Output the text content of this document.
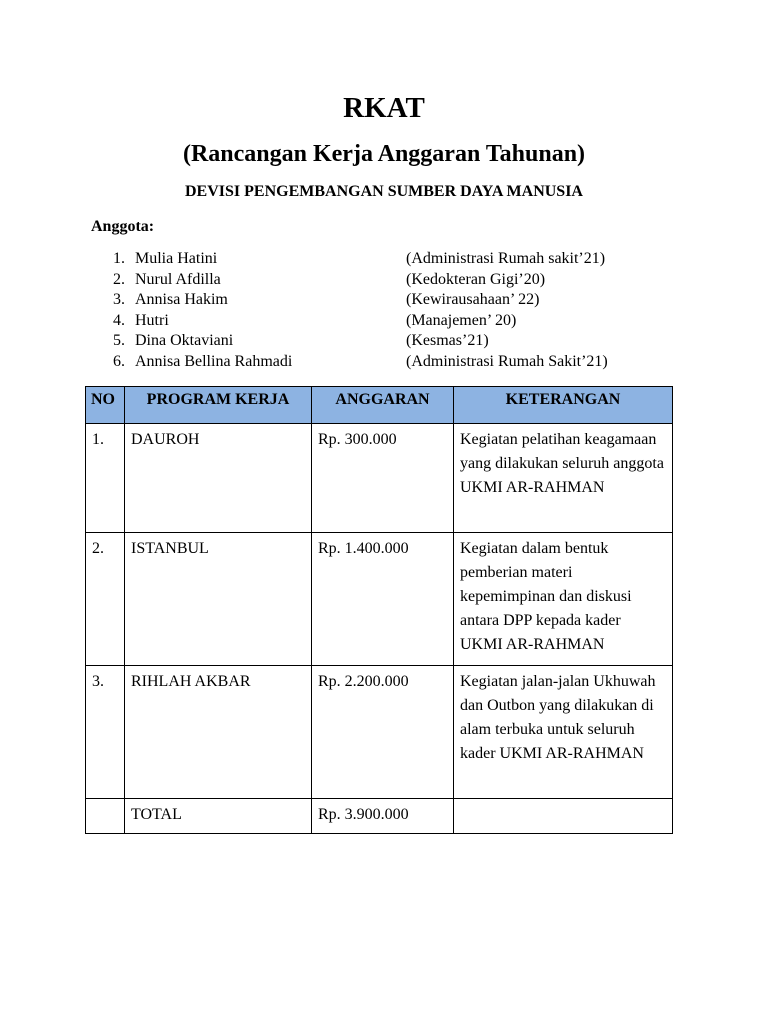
RKAT
(Rancangan Kerja Anggaran Tahunan)
DEVISI PENGEMBANGAN SUMBER DAYA MANUSIA
Anggota:
1. Mulia Hatini	(Administrasi Rumah sakit’21)
2. Nurul Afdilla	(Kedokteran Gigi’20)
3. Annisa Hakim	(Kewirausahaan’ 22)
4. Hutri	(Manajemen’ 20)
5. Dina Oktaviani	(Kesmas’21)
6. Annisa Bellina Rahmadi	(Administrasi Rumah Sakit’21)
NO	PROGRAM KERJA	ANGGARAN	KETERANGAN
1.	DAUROH	Rp. 300.000	Kegiatan pelatihan keagamaan yang dilakukan seluruh anggota UKMI AR-RAHMAN
2.	ISTANBUL	Rp. 1.400.000	Kegiatan dalam bentuk pemberian materi kepemimpinan dan diskusi antara DPP kepada kader UKMI AR-RAHMAN
3.	RIHLAH AKBAR	Rp. 2.200.000	Kegiatan jalan-jalan Ukhuwah dan Outbon yang dilakukan di alam terbuka untuk seluruh kader UKMI AR-RAHMAN
	TOTAL	Rp. 3.900.000	
